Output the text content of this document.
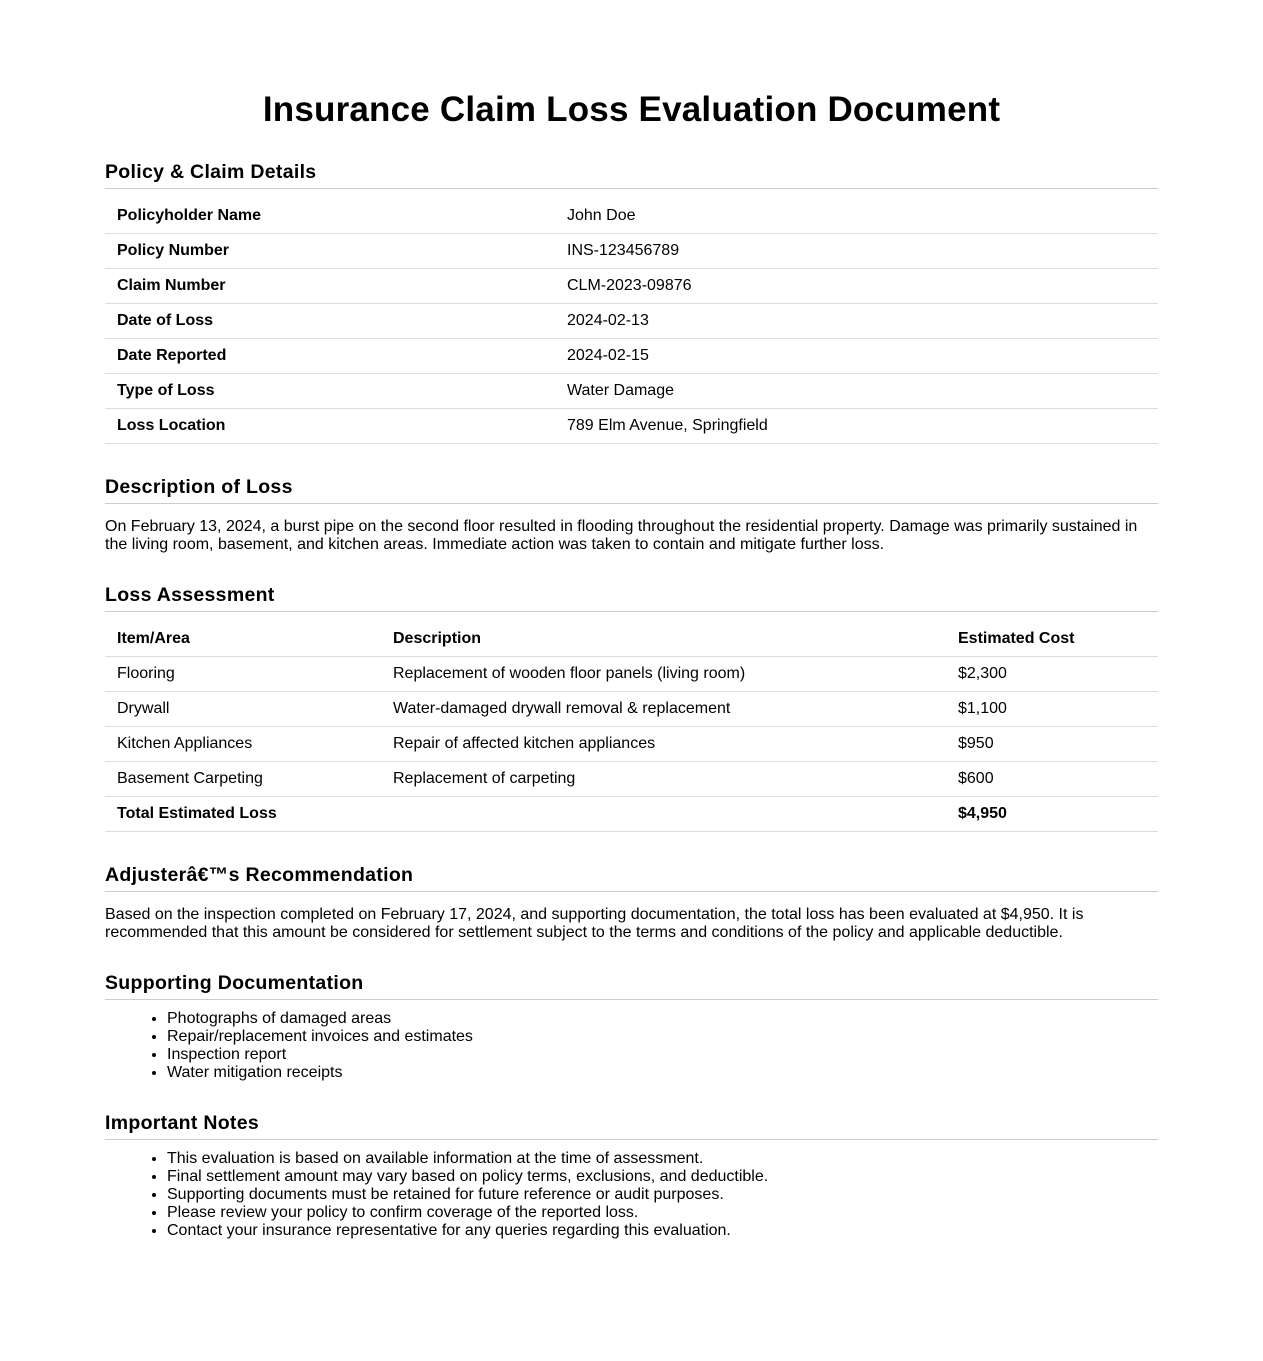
Insurance Claim Loss Evaluation Document
Policy & Claim Details
Policyholder Name	John Doe
Policy Number	INS-123456789
Claim Number	CLM-2023-09876
Date of Loss	2024-02-13
Date Reported	2024-02-15
Type of Loss	Water Damage
Loss Location	789 Elm Avenue, Springfield
Description of Loss

On February 13, 2024, a burst pipe on the second floor resulted in flooding throughout the residential property. Damage was primarily sustained in the living room, basement, and kitchen areas. Immediate action was taken to contain and mitigate further loss.

Loss Assessment
Item/Area	Description	Estimated Cost
Flooring	Replacement of wooden floor panels (living room)	$2,300
Drywall	Water-damaged drywall removal & replacement	$1,100
Kitchen Appliances	Repair of affected kitchen appliances	$950
Basement Carpeting	Replacement of carpeting	$600
Total Estimated Loss		$4,950
Adjusterâ€™s Recommendation

Based on the inspection completed on February 17, 2024, and supporting documentation, the total loss has been evaluated at $4,950. It is recommended that this amount be considered for settlement subject to the terms and conditions of the policy and applicable deductible.

Supporting Documentation
• Photographs of damaged areas
• Repair/replacement invoices and estimates
• Inspection report
• Water mitigation receipts
Important Notes
• This evaluation is based on available information at the time of assessment.
• Final settlement amount may vary based on policy terms, exclusions, and deductible.
• Supporting documents must be retained for future reference or audit purposes.
• Please review your policy to confirm coverage of the reported loss.
• Contact your insurance representative for any queries regarding this evaluation.
